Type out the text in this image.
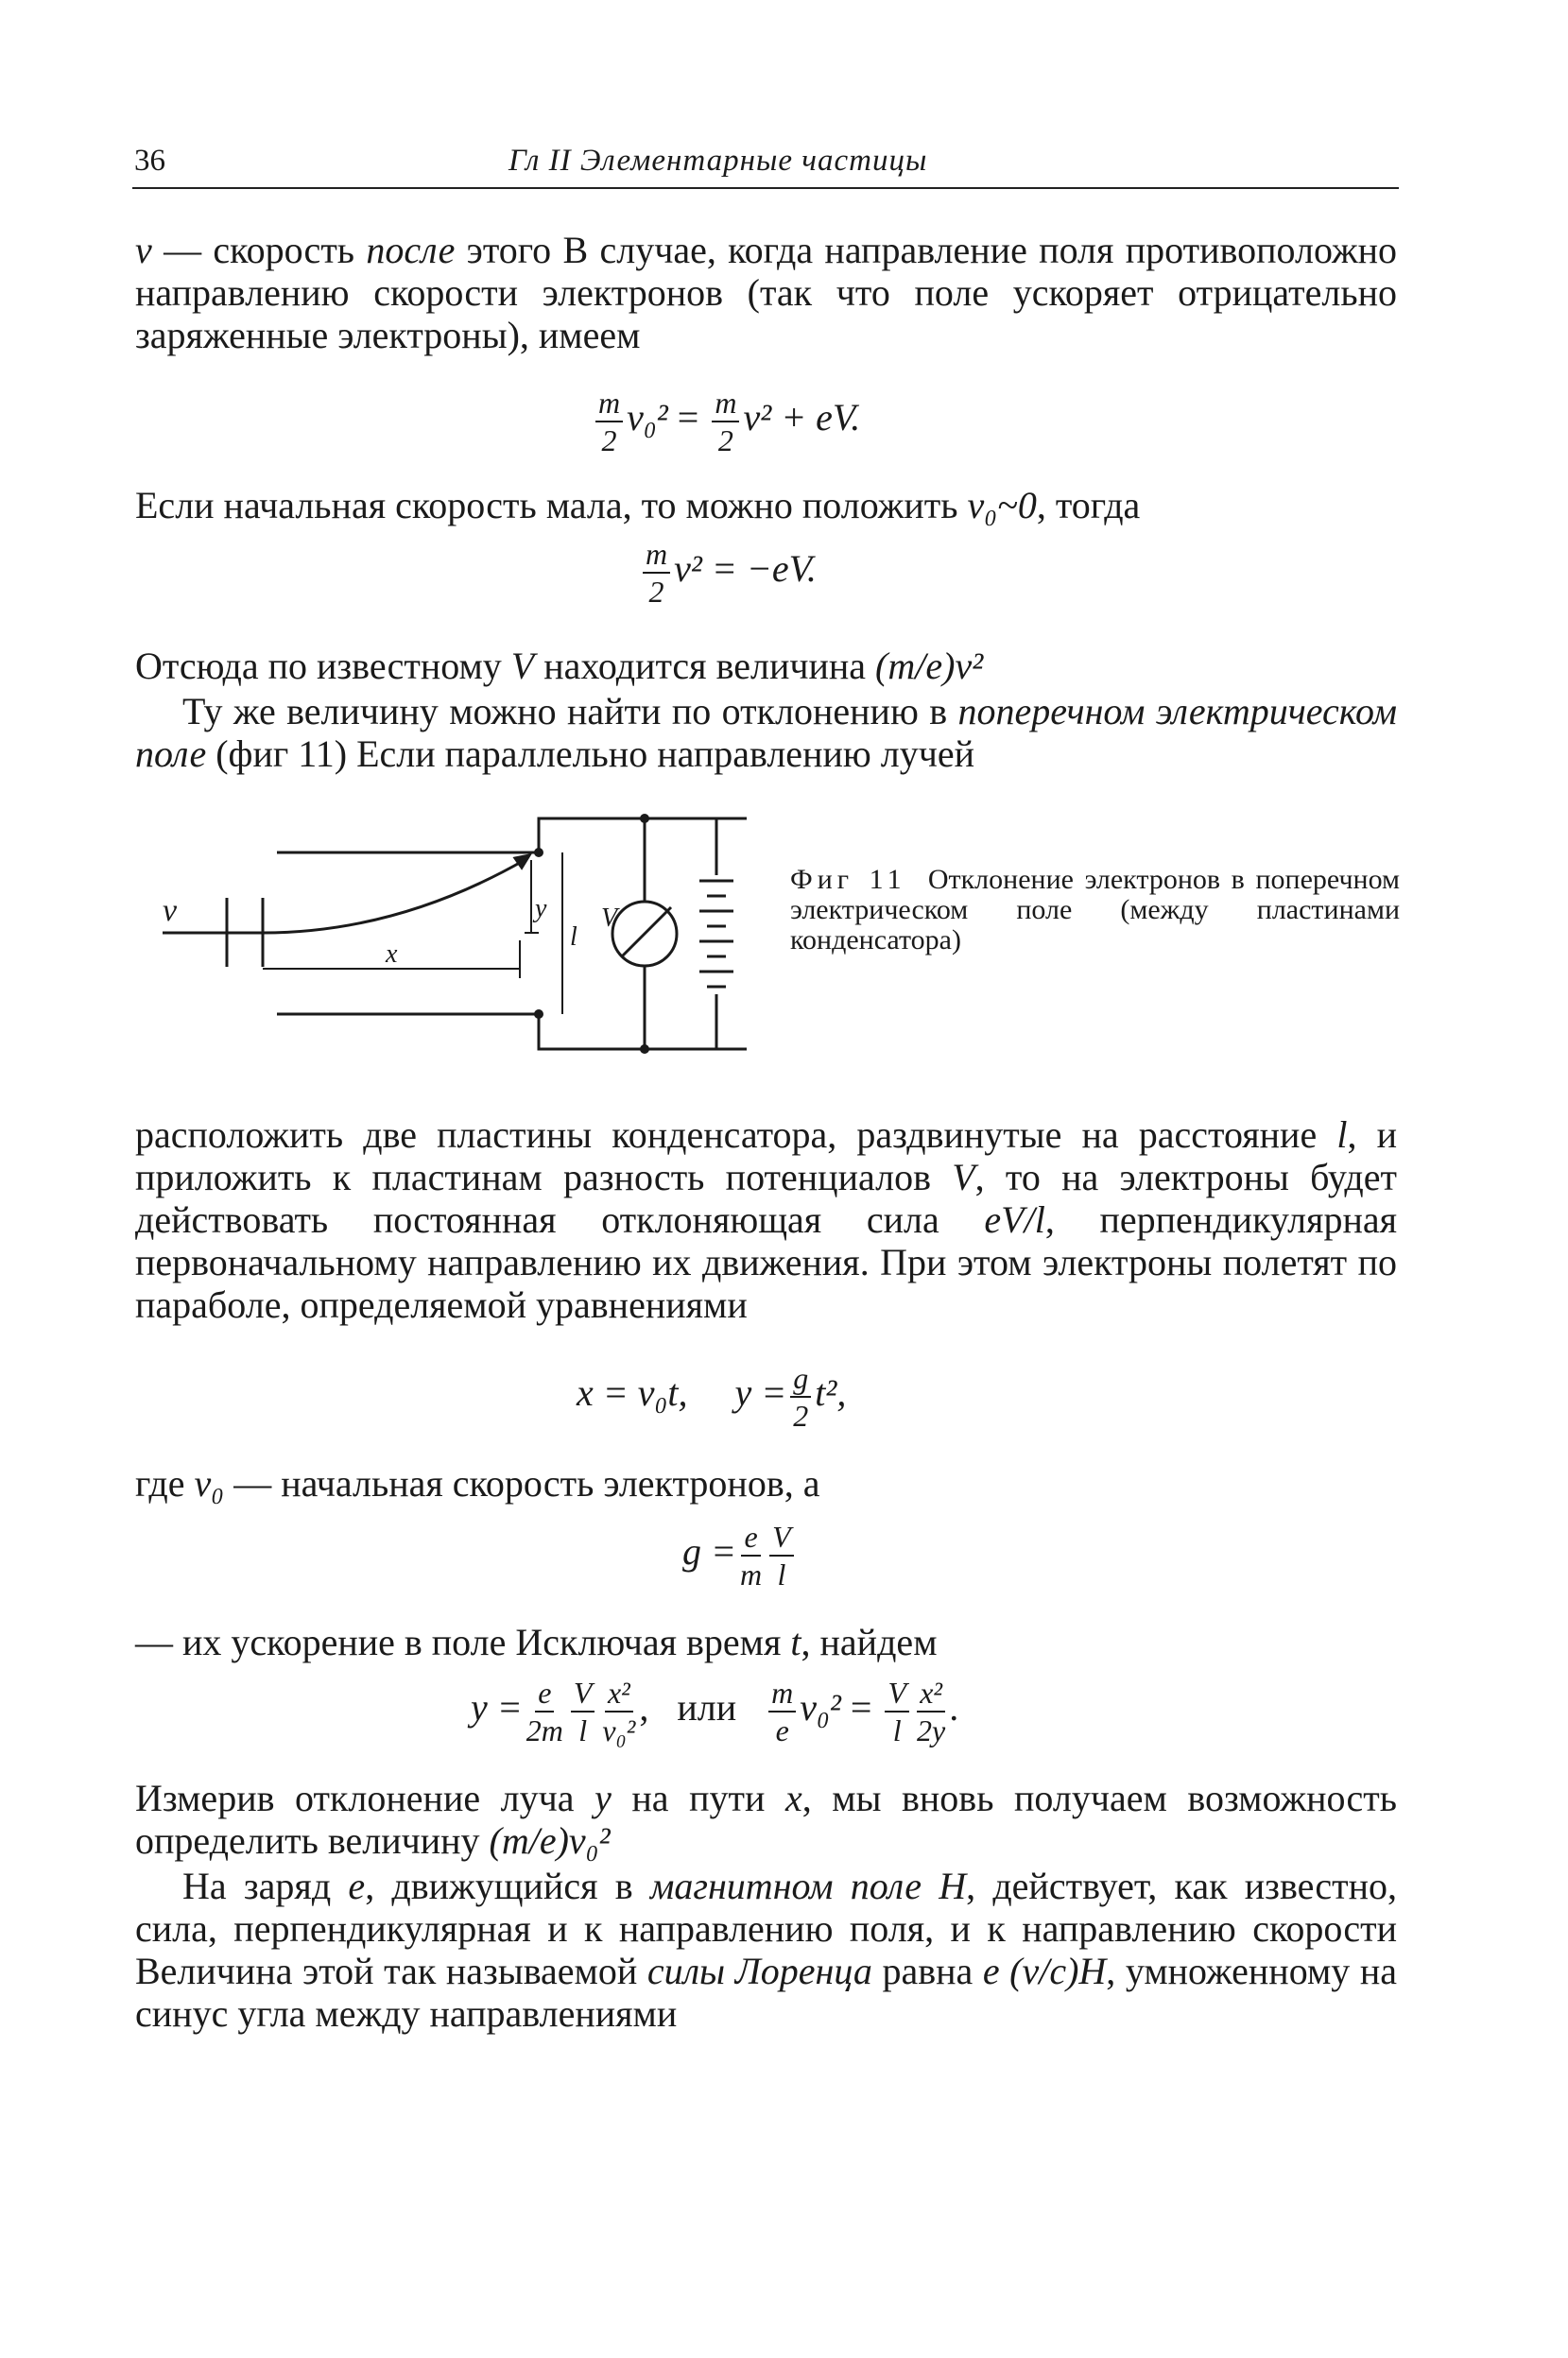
36	Гл II Элементарные частицы

v — скорость после этого В случае, когда направление поля противоположно направлению скорости электронов (так что поле ускоряет отрицательно заряженные электроны), имеем

$\frac{m}{2} v_0^2 = \frac{m}{2} v^2$ + eV.

Если начальная скорость мала, то можно положить v₀~0, тогда

$\frac{m}{2} v^2 = -eV$.

Отсюда по известному V находится величина (m/e)v²

Ту же величину можно найти по отклонению в поперечном электрическом поле (фиг 11) Если параллельно направлению лучей

v	y
l
x
V
Фиг 11 Отклонение электронов в поперечном электрическом поле (между пластинами конденсатора)

расположить две пластины конденсатора, раздвинутые на расстояние l, и приложить к пластинам разность потенциалов V, то на электроны будет действовать постоянная отклоняющая сила eV/l, перпендикулярная первоначальному направлению их движения. При этом электроны полетят по параболе, определяемой уравнениями

x = v₀t, $y = \frac{g}{2} t^2$,

где v₀ — начальная скорость электронов, а

$g = \frac{e}{m} \frac{V}{l}$

— их ускорение в поле Исключая время t, найдем

$y = \frac{e}{2m} \frac{V}{l} \frac{\text{x²}}{\text{v₀²}}$ , или $\frac{m}{e} v_0^2 = \frac{V}{l} \frac{\text{x²}}{2y}$ .

Измерив отклонение луча y на пути x, мы вновь получаем возможность определить величину (m/e)v₀²

На заряд e, движущийся в магнитном поле H, действует, как известно, сила, перпендикулярная и к направлению поля, и к направлению скорости Величина этой так называемой силы Лоренца равна e (v/c)H, умноженному на синус угла между направлениями
